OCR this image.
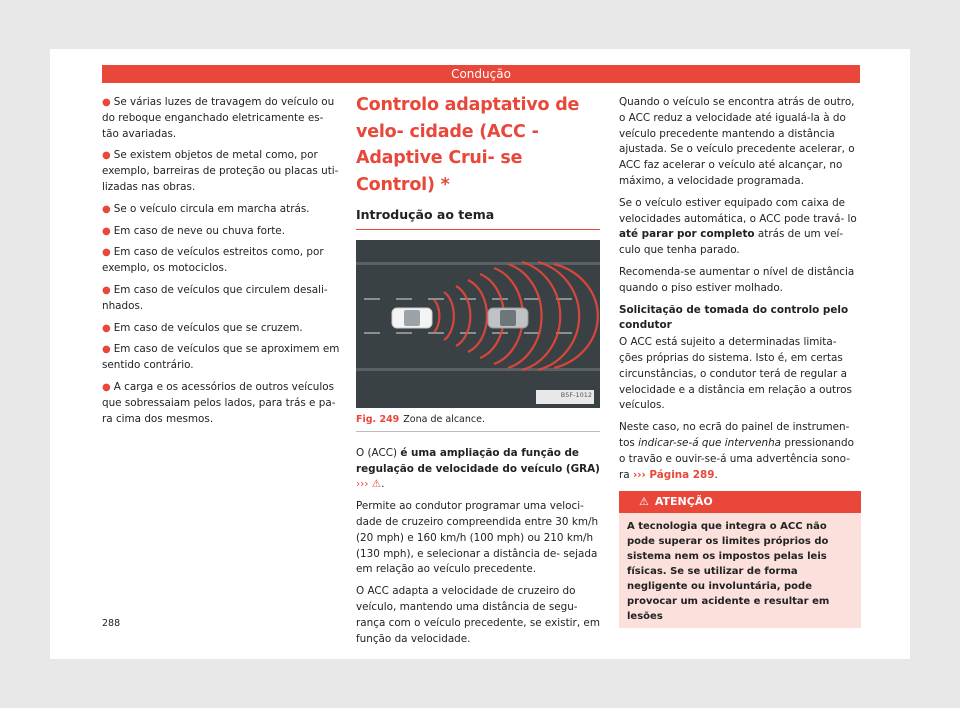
Condução

● Se várias luzes de travagem do veículo ou do reboque enganchado eletricamente es- tão avariadas.

● Se existem objetos de metal como, por exemplo, barreiras de proteção ou placas uti- lizadas nas obras.

● Se o veículo circula em marcha atrás.

● Em caso de neve ou chuva forte.

● Em caso de veículos estreitos como, por exemplo, os motociclos.

● Em caso de veículos que circulem desali- nhados.

● Em caso de veículos que se cruzem.

● Em caso de veículos que se aproximem em sentido contrário.

● A carga e os acessórios de outros veículos que sobressaiam pelos lados, para trás e pa- ra cima dos mesmos.

Controlo adaptativo de velo- cidade (ACC - Adaptive Crui- se Control) *
Introdução ao tema
B5F-1012
Fig. 249 Zona de alcance.

O (ACC) é uma ampliação da função de regulação de velocidade do veículo (GRA) ››› ⚠.

Permite ao condutor programar uma veloci- dade de cruzeiro compreendida entre 30 km/h (20 mph) e 160 km/h (100 mph) ou 210 km/h (130 mph), e selecionar a distância de- sejada em relação ao veículo precedente.

O ACC adapta a velocidade de cruzeiro do veículo, mantendo uma distância de segu- rança com o veículo precedente, se existir, em função da velocidade.

Quando o veículo se encontra atrás de outro, o ACC reduz a velocidade até igualá-la à do veículo precedente mantendo a distância ajustada. Se o veículo precedente acelerar, o ACC faz acelerar o veículo até alcançar, no máximo, a velocidade programada.

Se o veículo estiver equipado com caixa de velocidades automática, o ACC pode travá- lo até parar por completo atrás de um veí- culo que tenha parado.

Recomenda-se aumentar o nível de distância quando o piso estiver molhado.

Solicitação de tomada do controlo pelo condutor

O ACC está sujeito a determinadas limita- ções próprias do sistema. Isto é, em certas circunstâncias, o condutor terá de regular a velocidade e a distância em relação a outros veículos.

Neste caso, no ecrã do painel de instrumen- tos indicar-se-á que intervenha pressionando o travão e ouvir-se-á uma advertência sono- ra ››› Página 289.

⚠ ATENÇÃO
A tecnologia que integra o ACC não pode superar os limites próprios do sistema nem os impostos pelas leis físicas. Se se utilizar de forma negligente ou involuntária, pode provocar um acidente e resultar em lesões
288
